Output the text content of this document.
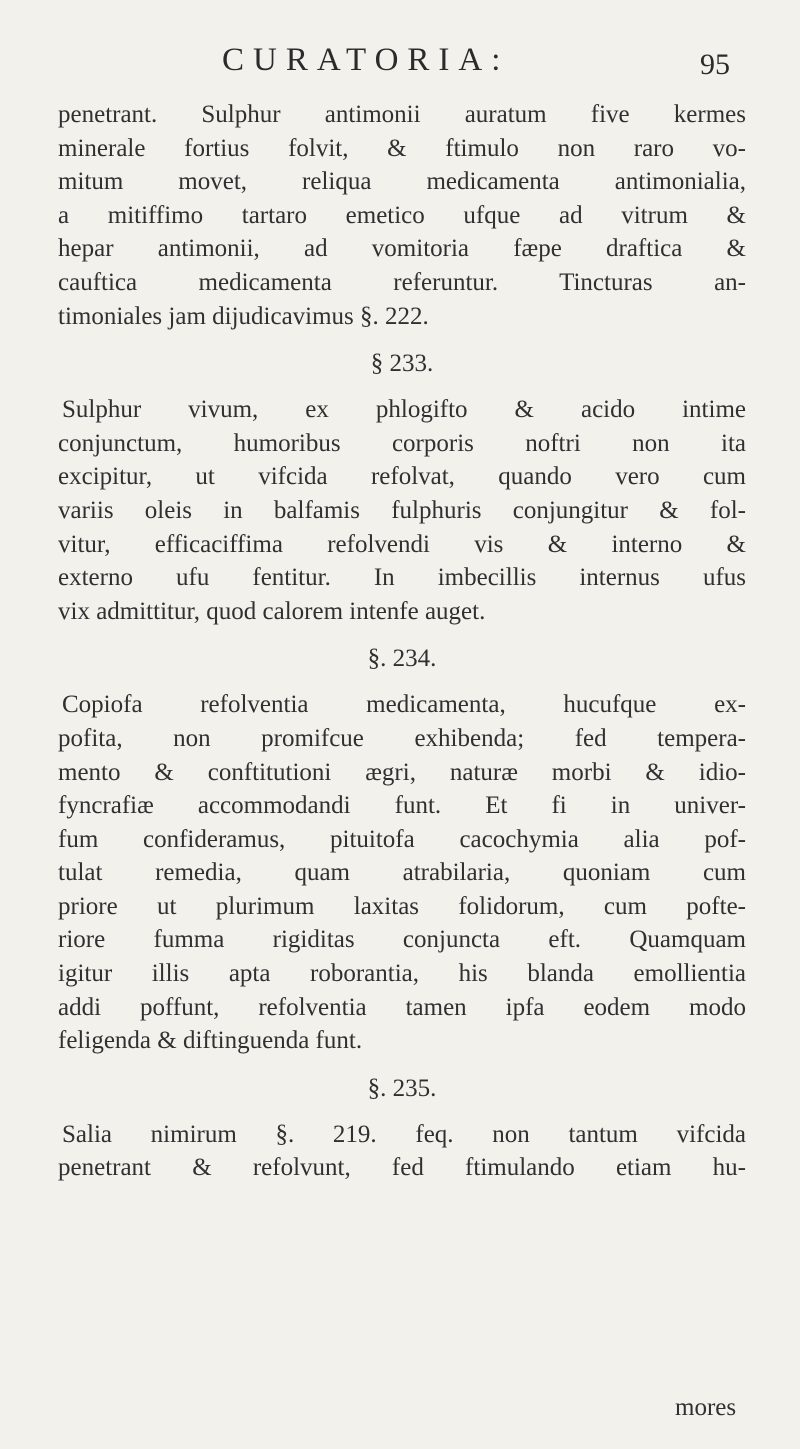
CURATORIA:	95
penetrant. Sulphur antimonii auratum five kermes
minerale fortius folvit, & ftimulo non raro vo-
mitum movet, reliqua medicamenta antimonialia,
a mitiffimo tartaro emetico ufque ad vitrum &
hepar antimonii, ad vomitoria fæpe draftica &
cauftica medicamenta referuntur. Tincturas an-
timoniales jam dijudicavimus §. 222.
§ 233.
Sulphur vivum, ex phlogifto & acido intime
conjunctum, humoribus corporis noftri non ita
excipitur, ut vifcida refolvat, quando vero cum
variis oleis in balfamis fulphuris conjungitur & fol-
vitur, efficaciffima refolvendi vis & interno &
externo ufu fentitur. In imbecillis internus ufus
vix admittitur, quod calorem intenfe auget.
§. 234.
Copiofa refolventia medicamenta, hucufque ex-
pofita, non promifcue exhibenda; fed tempera-
mento & conftitutioni ægri, naturæ morbi & idio-
fyncrafiæ accommodandi funt. Et fi in univer-
fum confideramus, pituitofa cacochymia alia pof-
tulat remedia, quam atrabilaria, quoniam cum
priore ut plurimum laxitas folidorum, cum pofte-
riore fumma rigiditas conjuncta eft. Quamquam
igitur illis apta roborantia, his blanda emollientia
addi poffunt, refolventia tamen ipfa eodem modo
feligenda & diftinguenda funt.
§. 235.
Salia nimirum §. 219. feq. non tantum vifcida
penetrant & refolvunt, fed ftimulando etiam hu-
mores
